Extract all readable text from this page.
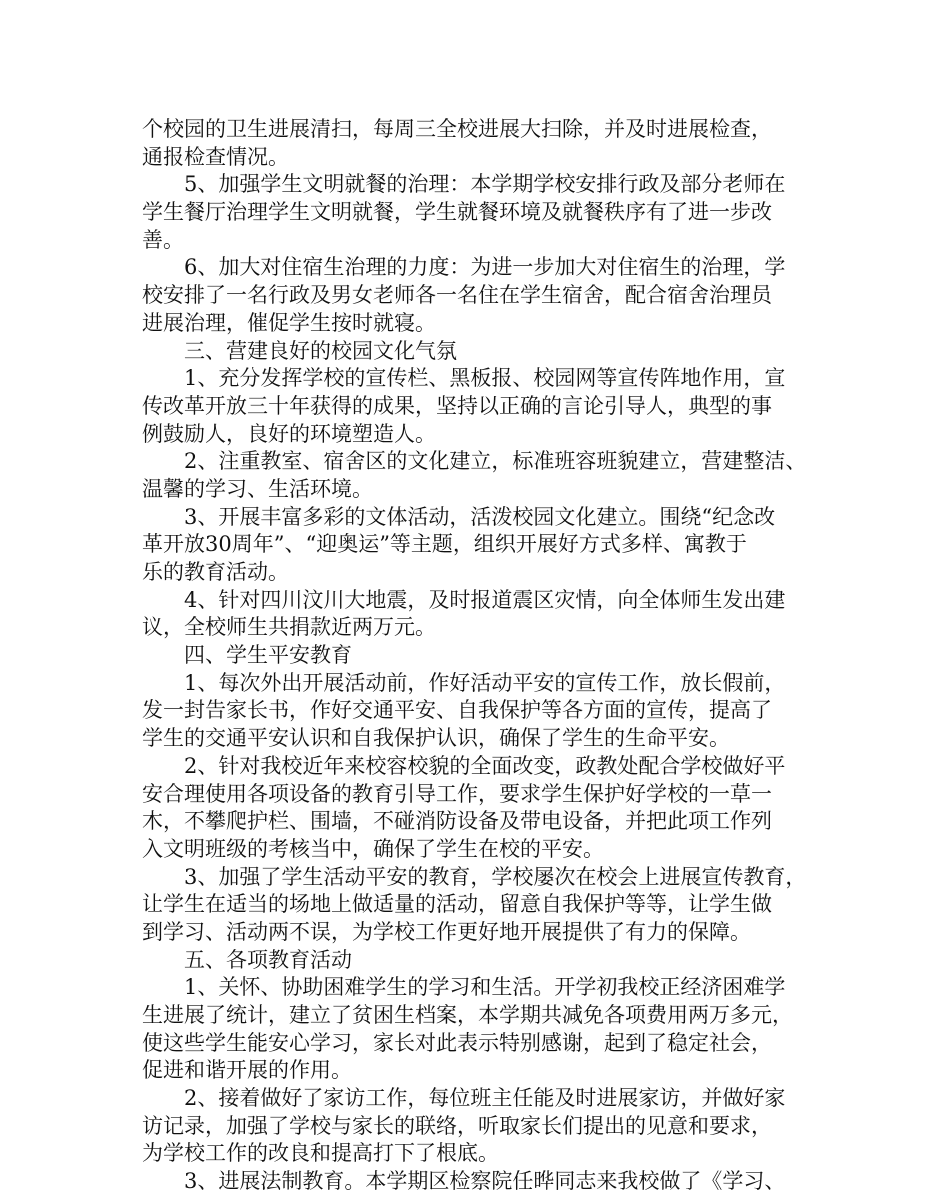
个校园的卫生进展清扫，每周三全校进展大扫除，并及时进展检查，
通报检查情况。
5、加强学生文明就餐的治理：本学期学校安排行政及部分老师在
学生餐厅治理学生文明就餐，学生就餐环境及就餐秩序有了进一步改
善。
6、加大对住宿生治理的力度：为进一步加大对住宿生的治理，学
校安排了一名行政及男女老师各一名住在学生宿舍，配合宿舍治理员
进展治理，催促学生按时就寝。
三、营建良好的校园文化气氛
1、充分发挥学校的宣传栏、黑板报、校园网等宣传阵地作用，宣
传改革开放三十年获得的成果，坚持以正确的言论引导人，典型的事
例鼓励人，良好的环境塑造人。
2、注重教室、宿舍区的文化建立，标准班容班貌建立，营建整洁、
温馨的学习、生活环境。
3、开展丰富多彩的文体活动，活泼校园文化建立。围绕“纪念改
革开放30周年”、“迎奥运”等主题，组织开展好方式多样、寓教于
乐的教育活动。
4、针对四川汶川大地震，及时报道震区灾情，向全体师生发出建
议，全校师生共捐款近两万元。
四、学生平安教育
1、每次外出开展活动前，作好活动平安的宣传工作，放长假前，
发一封告家长书，作好交通平安、自我保护等各方面的宣传，提高了
学生的交通平安认识和自我保护认识，确保了学生的生命平安。
2、针对我校近年来校容校貌的全面改变，政教处配合学校做好平
安合理使用各项设备的教育引导工作，要求学生保护好学校的一草一
木，不攀爬护栏、围墙，不碰消防设备及带电设备，并把此项工作列
入文明班级的考核当中，确保了学生在校的平安。
3、加强了学生活动平安的教育，学校屡次在校会上进展宣传教育，
让学生在适当的场地上做适量的活动，留意自我保护等等，让学生做
到学习、活动两不误，为学校工作更好地开展提供了有力的保障。
五、各项教育活动
1、关怀、协助困难学生的学习和生活。开学初我校正经济困难学
生进展了统计，建立了贫困生档案，本学期共减免各项费用两万多元，
使这些学生能安心学习，家长对此表示特别感谢，起到了稳定社会，
促进和谐开展的作用。
2、接着做好了家访工作，每位班主任能及时进展家访，并做好家
访记录，加强了学校与家长的联络，听取家长们提出的见意和要求，
为学校工作的改良和提高打下了根底。
3、进展法制教育。本学期区检察院任晔同志来我校做了《学习、
